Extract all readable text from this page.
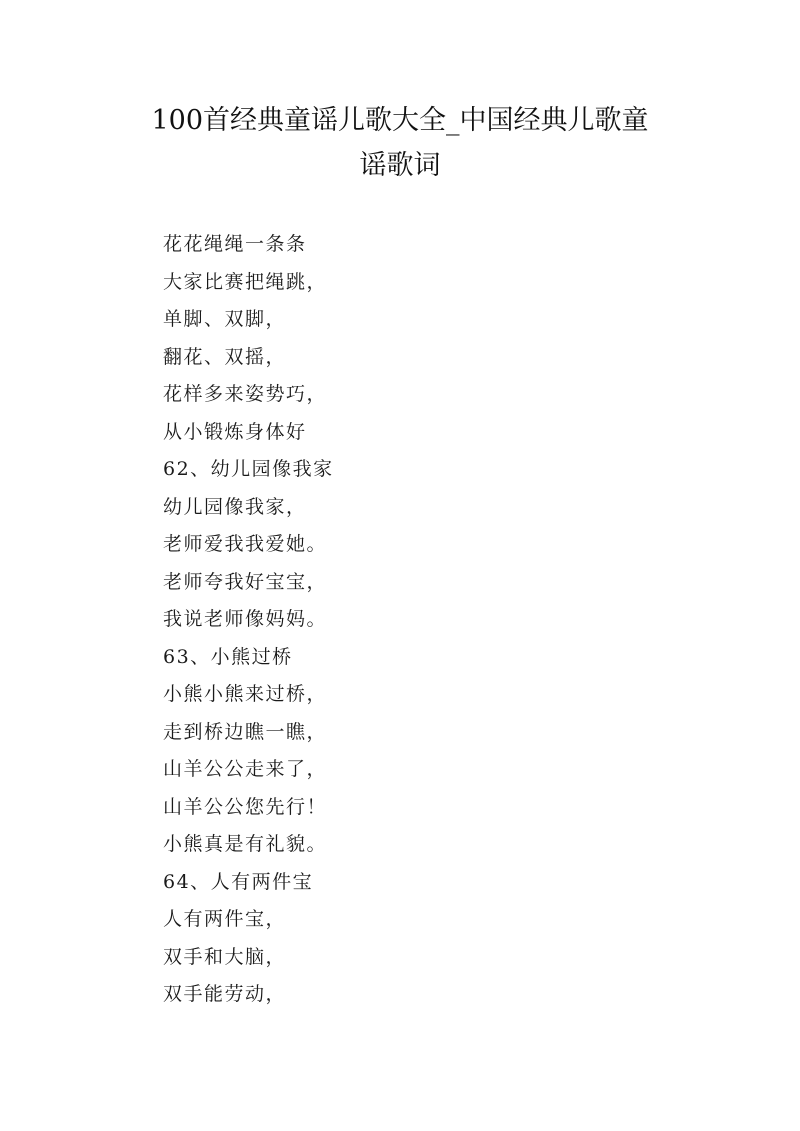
100首经典童谣儿歌大全_中国经典儿歌童
谣歌词
花花绳绳一条条
大家比赛把绳跳，
单脚、双脚，
翻花、双摇，
花样多来姿势巧，
从小锻炼身体好
62、幼儿园像我家
幼儿园像我家，
老师爱我我爱她。
老师夸我好宝宝，
我说老师像妈妈。
63、小熊过桥
小熊小熊来过桥，
走到桥边瞧一瞧，
山羊公公走来了，
山羊公公您先行！
小熊真是有礼貌。
64、人有两件宝
人有两件宝，
双手和大脑，
双手能劳动，
